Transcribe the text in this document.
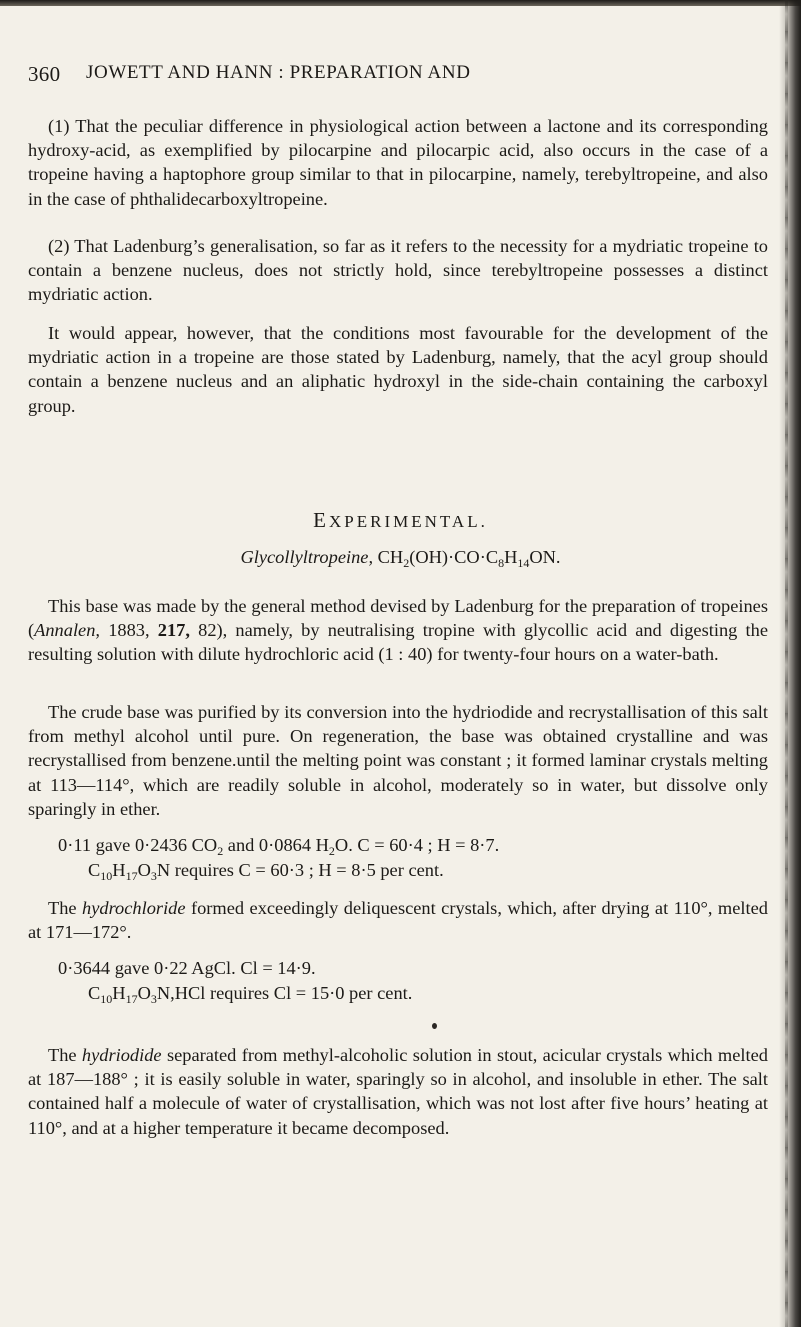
360 JOWETT AND HANN : PREPARATION AND

(1) That the peculiar difference in physiological action between a lactone and its corresponding hydroxy-acid, as exemplified by pilocarpine and pilocarpic acid, also occurs in the case of a tropeine having a haptophore group similar to that in pilocarpine, namely, terebyltropeine, and also in the case of phthalidecarboxyltropeine.

(2) That Ladenburg’s generalisation, so far as it refers to the necessity for a mydriatic tropeine to contain a benzene nucleus, does not strictly hold, since terebyltropeine possesses a distinct mydriatic action.

It would appear, however, that the conditions most favourable for the development of the mydriatic action in a tropeine are those stated by Ladenburg, namely, that the acyl group should contain a benzene nucleus and an aliphatic hydroxyl in the side-chain containing the carboxyl group.

EXPERIMENTAL.
Glycollyltropeine, $CH_2(OH)\cdot CO\cdot C_8H_{14}ON$.

This base was made by the general method devised by Ladenburg for the preparation of tropeines (Annalen, 1883, 217, 82), namely, by neutralising tropine with glycollic acid and digesting the resulting solution with dilute hydrochloric acid (1 : 40) for twenty-four hours on a water-bath.

The crude base was purified by its conversion into the hydriodide and recrystallisation of this salt from methyl alcohol until pure. On regeneration, the base was obtained crystalline and was recrystallised from benzene.until the melting point was constant ; it formed laminar crystals melting at 113—114°, which are readily soluble in alcohol, moderately so in water, but dissolve only sparingly in ether.

0·11 gave 0·2436 $CO_2$ and 0·0864 $H_2O$. C = 60·4 ; H = 8·7.
$C_{10}H_{17}O_3N$ requires C = 60·3 ; H = 8·5 per cent.

The hydrochloride formed exceedingly deliquescent crystals, which, after drying at 110°, melted at 171—172°.

0·3644 gave 0·22 AgCl. Cl = 14·9.
$C_{10}H_{17}O_3N,HCl$ requires Cl = 15·0 per cent.

The hydriodide separated from methyl-alcoholic solution in stout, acicular crystals which melted at 187—188° ; it is easily soluble in water, sparingly so in alcohol, and insoluble in ether. The salt contained half a molecule of water of crystallisation, which was not lost after five hours’ heating at 110°, and at a higher temperature it became decomposed.
